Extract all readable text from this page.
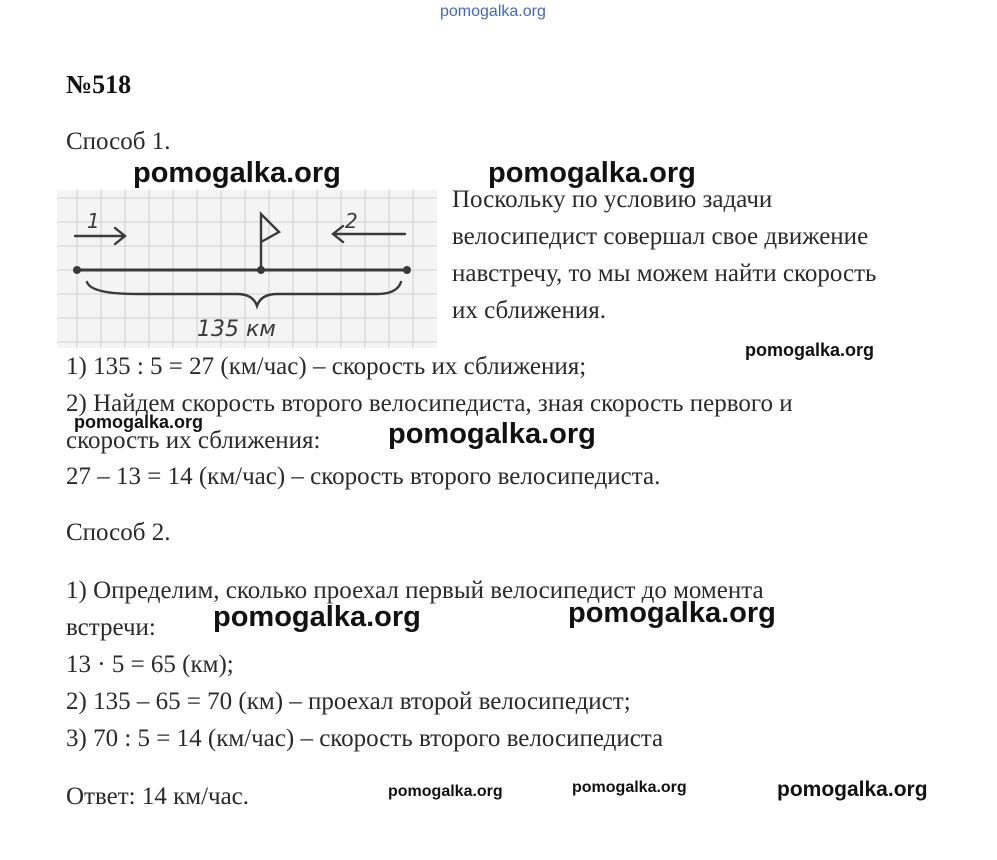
pomogalka.org
№518
Способ 1.
1	2
135 км
Поскольку по условию задачи
велосипедист совершал свое движение
навстречу, то мы можем найти скорость
их сближения.
1) 135 : 5 = 27 (км/час) – скорость их сближения;
2) Найдем скорость второго велосипедиста, зная скорость первого и
скорость их сближения:
27 – 13 = 14 (км/час) – скорость второго велосипедиста.
Способ 2.
1) Определим, сколько проехал первый велосипедист до момента
встречи:
13 · 5 = 65 (км);
2) 135 – 65 = 70 (км) – проехал второй велосипедист;
3) 70 : 5 = 14 (км/час) – скорость второго велосипедиста
Ответ: 14 км/час.
pomogalka.org	pomogalka.org
pomogalka.org
pomogalka.org	pomogalka.org
pomogalka.org	pomogalka.org
pomogalka.org	pomogalka.org	pomogalka.org
